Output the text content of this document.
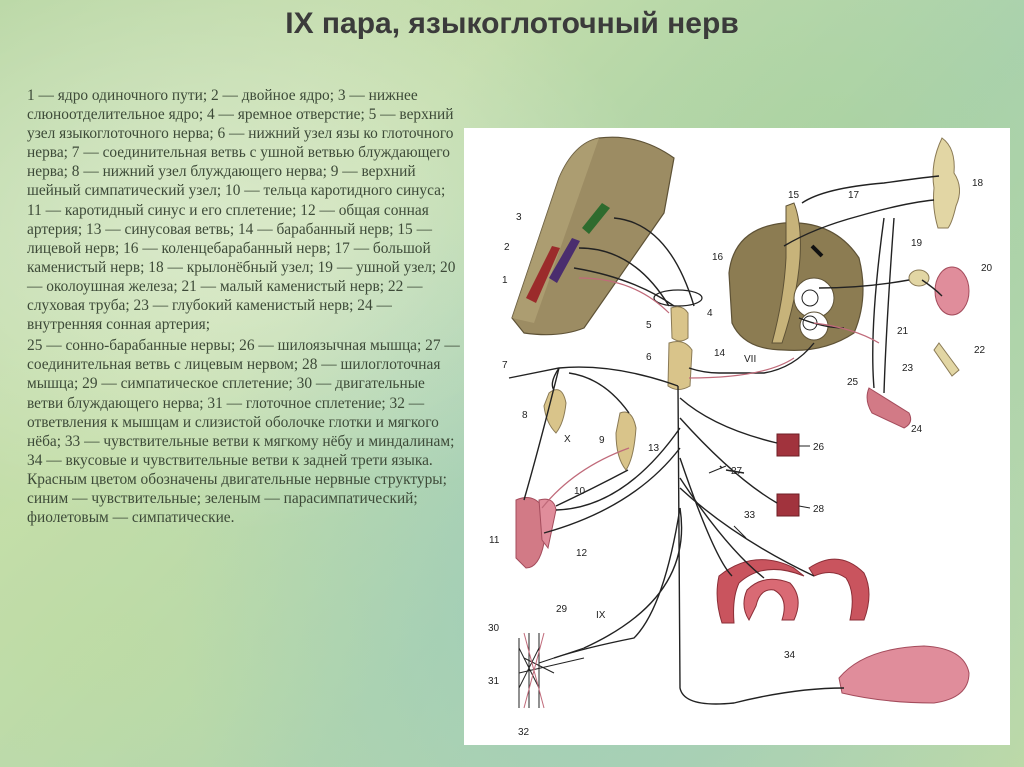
IX пара, языкоглоточный нерв

1 — ядро одиночного пути; 2 — двойное ядро; 3 — нижнее слюноотделительное ядро; 4 — яремное отверстие; 5 — верхний узел языкоглоточного нерва; 6 — нижний узел язы ко глоточного нерва; 7 — соединительная ветвь с ушной ветвью блуждающего нерва; 8 — нижний узел блуждающего нерва; 9 — верхний шейный симпатический узел; 10 — тельца каротидного синуса; 11 — каротидный синус и его сплетение; 12 — общая сонная артерия; 13 — синусовая ветвь; 14 — барабанный нерв; 15 — лицевой нерв; 16 — коленцебарабанный нерв; 17 — большой каменистый нерв; 18 — крылонёбный узел; 19 — ушной узел; 20 — околоушная железа; 21 — малый каменистый нерв; 22 — слуховая труба; 23 — глубокий каменистый нерв; 24 — внутренняя сонная артерия;

25 — сонно-барабанные нервы; 26 — шилоязычная мышца; 27 — соединительная ветвь с лицевым нервом; 28 — шилоглоточная мышца; 29 — симпатическое сплетение; 30 — двигательные ветви блуждающего нерва; 31 — глоточное сплетение; 32 — ответвления к мышцам и слизистой оболочке глотки и мягкого нёба; 33 — чувствительные ветви к мягкому нёбу и миндалинам; 34 — вкусовые и чувствительные ветви к задней трети языка. Красным цветом обозначены двигательные нервные структуры; синим — чувствительные; зеленым — парасимпатический; фиолетовым — симпатические.

1
2
3
4
5
6
7
8
9
10
11
12
13
14
15
16
17
18
19
20
21
22
23
24
25
26
27
28
29
30
31
32
33
34
VII
X
IX
